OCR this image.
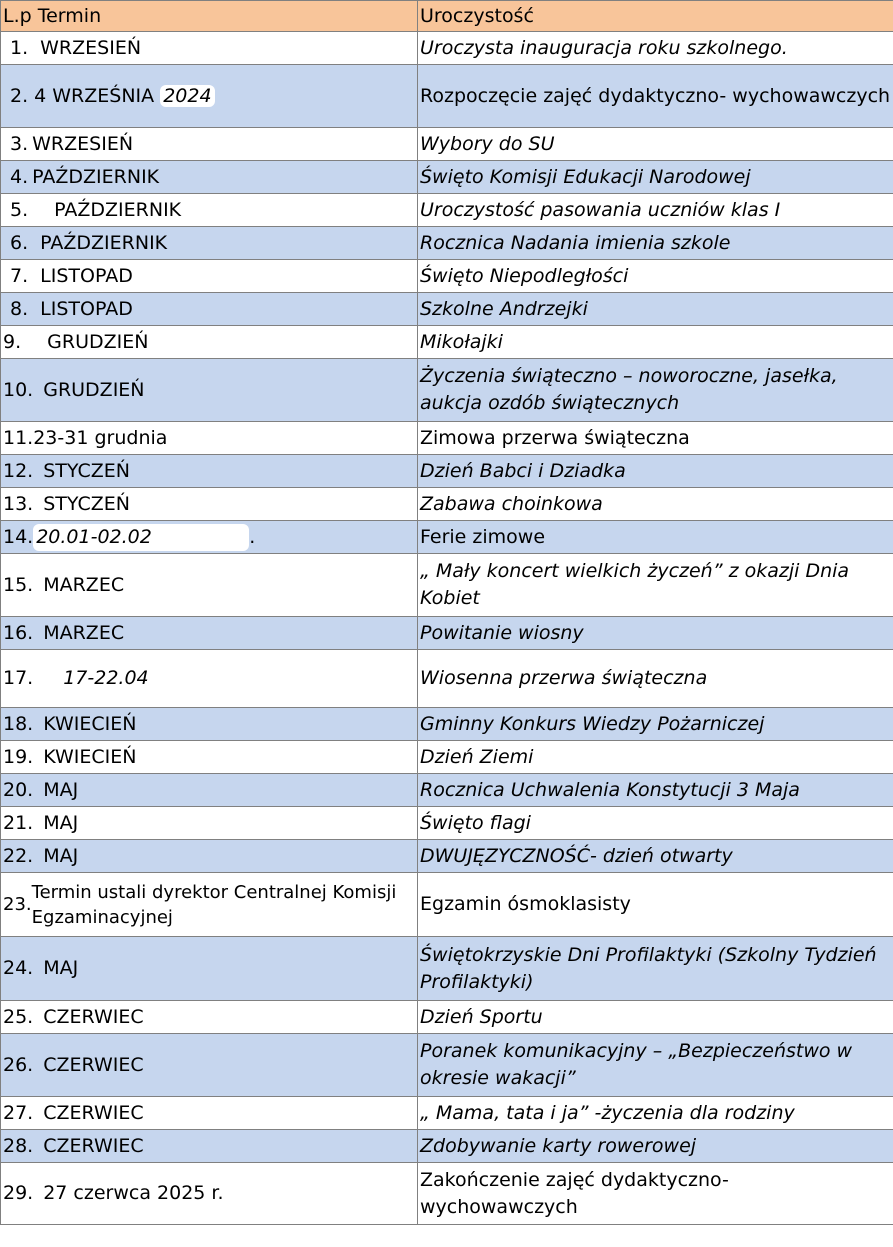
L.p Termin	Uroczystość
1. WRZESIEŃ	Uroczysta inauguracja roku szkolnego.
2. 4 WRZEŚNIA 2024	Rozpoczęcie zajęć dydaktyczno- wychowawczych
3. WRZESIEŃ	Wybory do SU
4. PAŹDZIERNIK	Święto Komisji Edukacji Narodowej
5. PAŹDZIERNIK	Uroczystość pasowania uczniów klas I
6. PAŹDZIERNIK	Rocznica Nadania imienia szkole
7. LISTOPAD	Święto Niepodległości
8. LISTOPAD	Szkolne Andrzejki
9. GRUDZIEŃ	Mikołajki
10. GRUDZIEŃ	Życzenia świąteczno – noworoczne, jasełka, aukcja ozdób świątecznych
11.23-31 grudnia	Zimowa przerwa świąteczna
12. STYCZEŃ	Dzień Babci i Dziadka
13. STYCZEŃ	Zabawa choinkowa
14. 20.01-02.02 .	Ferie zimowe
15. MARZEC	„ Mały koncert wielkich życzeń” z okazji Dnia Kobiet
16. MARZEC	Powitanie wiosny
17. 17-22.04	Wiosenna przerwa świąteczna
18. KWIECIEŃ	Gminny Konkurs Wiedzy Pożarniczej
19. KWIECIEŃ	Dzień Ziemi
20. MAJ	Rocznica Uchwalenia Konstytucji 3 Maja
21. MAJ	Święto flagi
22. MAJ	DWUJĘZYCZNOŚĆ- dzień otwarty
23.Termin ustali dyrektor Centralnej Komisji Egzaminacyjnej	Egzamin ósmoklasisty
24. MAJ	Świętokrzyskie Dni Profilaktyki (Szkolny Tydzień Profilaktyki)
25. CZERWIEC	Dzień Sportu
26. CZERWIEC	Poranek komunikacyjny – „Bezpieczeństwo w okresie wakacji”
27. CZERWIEC	„ Mama, tata i ja” -życzenia dla rodziny
28. CZERWIEC	Zdobywanie karty rowerowej
29. 27 czerwca 2025 r.	Zakończenie zajęć dydaktyczno- wychowawczych
